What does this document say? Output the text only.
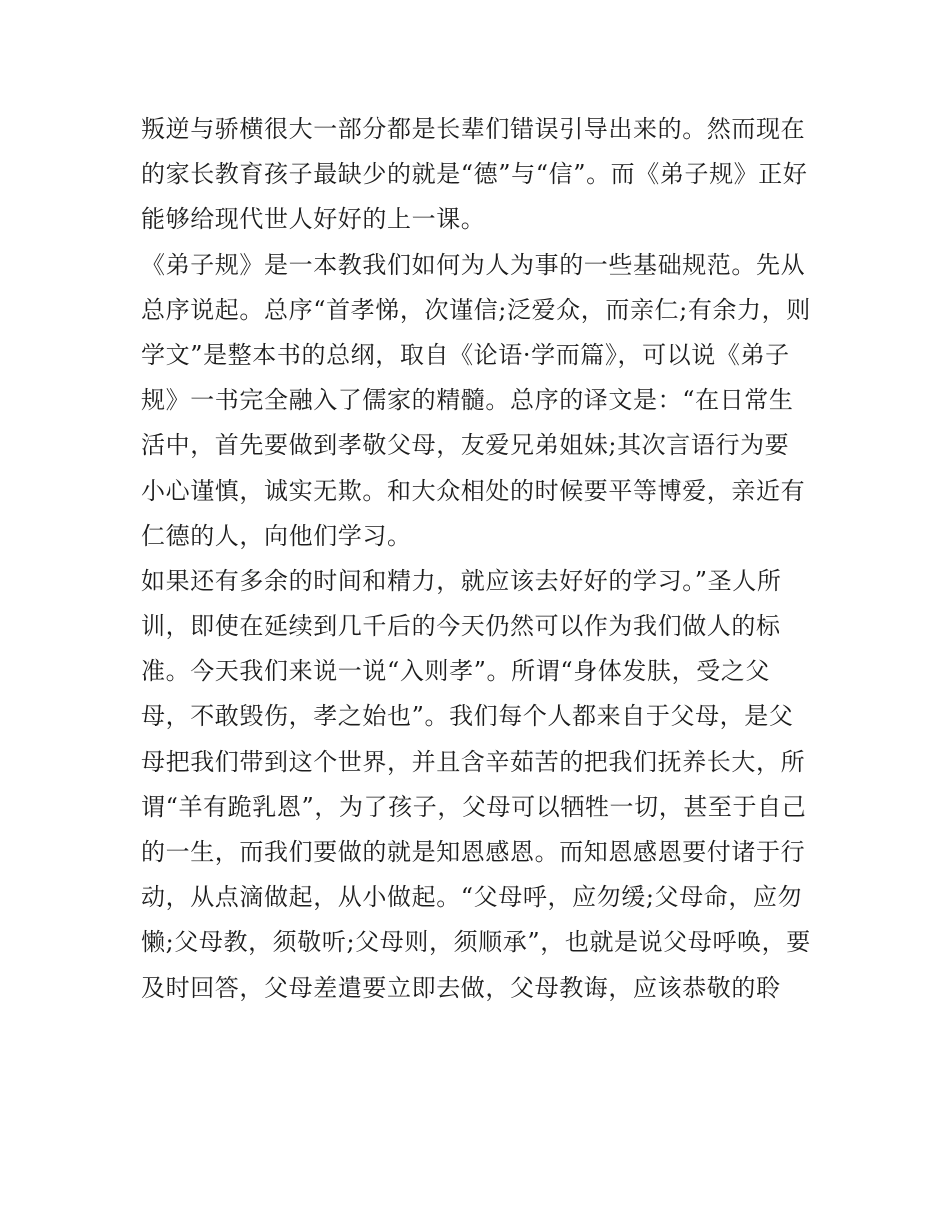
叛逆与骄横很大一部分都是长辈们错误引导出来的。然而现在
的家长教育孩子最缺少的就是“德”与“信”。而《弟子规》正好
能够给现代世人好好的上一课。
《弟子规》是一本教我们如何为人为事的一些基础规范。先从
总序说起。总序“首孝悌，次谨信;泛爱众，而亲仁;有余力，则
学文”是整本书的总纲，取自《论语·学而篇》，可以说《弟子
规》一书完全融入了儒家的精髓。总序的译文是：“在日常生
活中，首先要做到孝敬父母，友爱兄弟姐妹;其次言语行为要
小心谨慎，诚实无欺。和大众相处的时候要平等博爱，亲近有
仁德的人，向他们学习。
如果还有多余的时间和精力，就应该去好好的学习。”圣人所
训，即使在延续到几千后的今天仍然可以作为我们做人的标
准。今天我们来说一说“入则孝”。所谓“身体发肤，受之父
母，不敢毁伤，孝之始也”。我们每个人都来自于父母，是父
母把我们带到这个世界，并且含辛茹苦的把我们抚养长大，所
谓“羊有跪乳恩”，为了孩子，父母可以牺牲一切，甚至于自己
的一生，而我们要做的就是知恩感恩。而知恩感恩要付诸于行
动，从点滴做起，从小做起。“父母呼，应勿缓;父母命，应勿
懒;父母教，须敬听;父母则，须顺承”，也就是说父母呼唤，要
及时回答，父母差遣要立即去做，父母教诲，应该恭敬的聆
